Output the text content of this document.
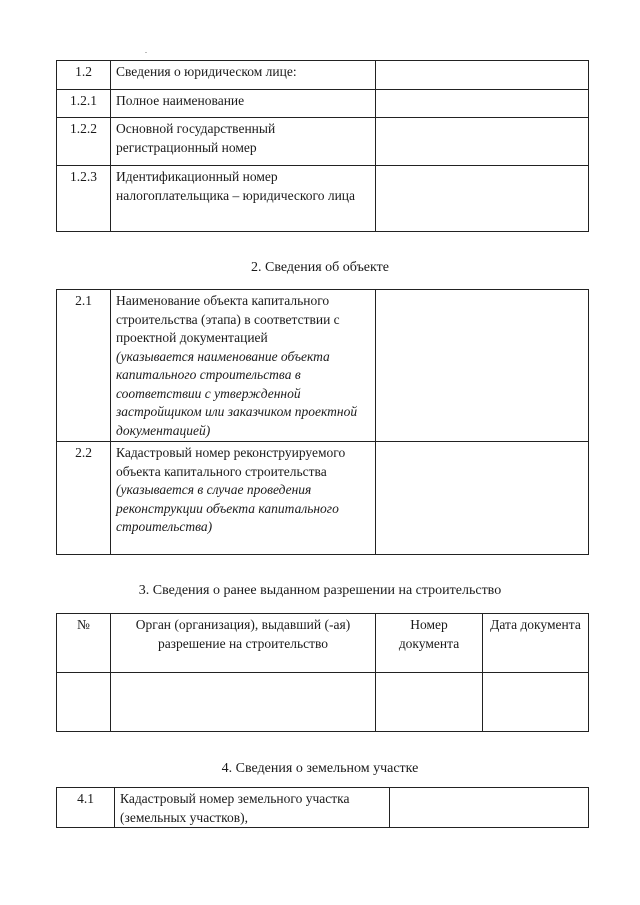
1.2	Сведения о юридическом лице:	
1.2.1	Полное наименование	
1.2.2	Основной государственный регистрационный номер	
1.2.3	Идентификационный номер налогоплательщика – юридического лица	
2. Сведения об объекте
2.1	Наименование объекта капитального строительства (этапа) в соответствии с проектной документацией
(указывается наименование объекта капитального строительства в соответствии с утвержденной застройщиком или заказчиком проектной документацией)	

2.2	Кадастровый номер реконструируемого объекта капитального строительства
(указывается в случае проведения реконструкции объекта капитального строительства)	

3. Сведения о ранее выданном разрешении на строительство
№	Орган (организация), выдавший (-ая) разрешение на строительство	Номер документа	Дата документа

4. Сведения о земельном участке
4.1	Кадастровый номер земельного участка (земельных участков),	
